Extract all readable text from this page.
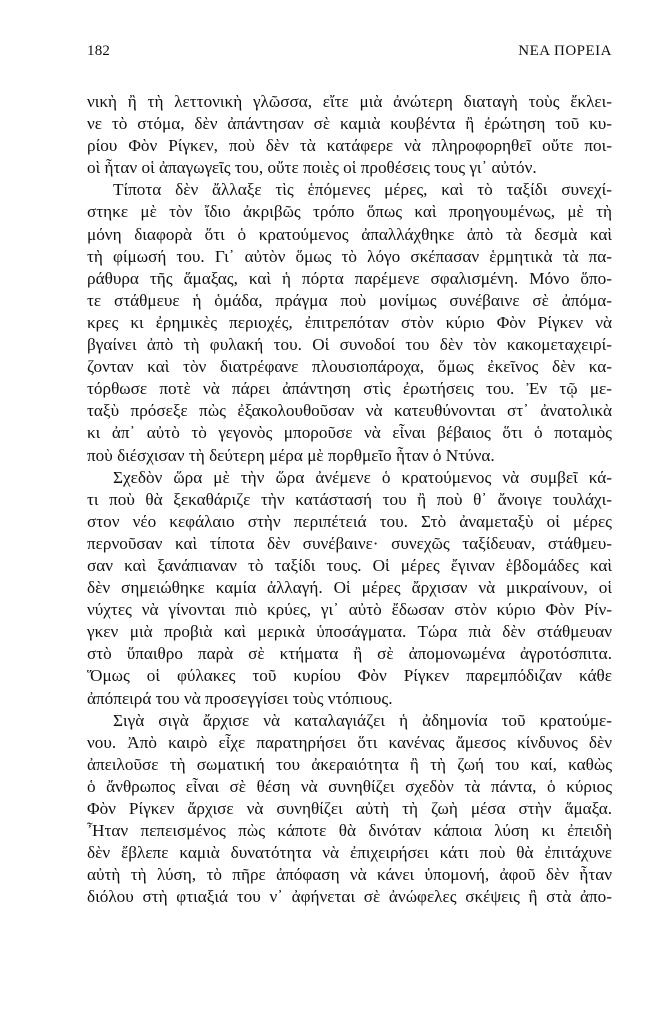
182	ΝΕΑ ΠΟΡΕΙΑ
νικὴ ἢ τὴ λεττονικὴ γλῶσσα, εἴτε μιὰ ἀνώτερη διαταγὴ τοὺς ἔκλει-
νε τὸ στόμα, δὲν ἀπάντησαν σὲ καμιὰ κουβέντα ἢ ἐρώτηση τοῦ κυ-
ρίου Φὸν Ρίγκεν, ποὺ δὲν τὰ κατάφερε νὰ πληροφορηθεῖ οὔτε ποι-
οὶ ἦταν οἱ ἀπαγωγεῖς του, οὔτε ποιὲς οἱ προθέσεις τους γι᾿ αὐτόν.
Τίποτα δὲν ἄλλαξε τὶς ἑπόμενες μέρες, καὶ τὸ ταξίδι συνεχί-
στηκε μὲ τὸν ἴδιο ἀκριβῶς τρόπο ὅπως καὶ προηγουμένως, μὲ τὴ
μόνη διαφορὰ ὅτι ὁ κρατούμενος ἀπαλλάχθηκε ἀπὸ τὰ δεσμὰ καὶ
τὴ φίμωσή του. Γι᾿ αὐτὸν ὅμως τὸ λόγο σκέπασαν ἑρμητικὰ τὰ πα-
ράθυρα τῆς ἅμαξας, καὶ ἡ πόρτα παρέμενε σφαλισμένη. Μόνο ὅπο-
τε στάθμευε ἡ ὁμάδα, πράγμα ποὺ μονίμως συνέβαινε σὲ ἀπόμα-
κρες κι ἐρημικὲς περιοχές, ἐπιτρεπόταν στὸν κύριο Φὸν Ρίγκεν νὰ
βγαίνει ἀπὸ τὴ φυλακή του. Οἱ συνοδοί του δὲν τὸν κακομεταχειρί-
ζονταν καὶ τὸν διατρέφανε πλουσιοπάροχα, ὅμως ἐκεῖνος δὲν κα-
τόρθωσε ποτὲ νὰ πάρει ἀπάντηση στὶς ἐρωτήσεις του. Ἐν τῷ με-
ταξὺ πρόσεξε πὼς ἐξακολουθοῦσαν νὰ κατευθύνονται στ᾿ ἀνατολικὰ
κι ἀπ᾿ αὐτὸ τὸ γεγονὸς μποροῦσε νὰ εἶναι βέβαιος ὅτι ὁ ποταμὸς
ποὺ διέσχισαν τὴ δεύτερη μέρα μὲ πορθμεῖο ἦταν ὁ Ντύνα.
Σχεδὸν ὥρα μὲ τὴν ὥρα ἀνέμενε ὁ κρατούμενος νὰ συμβεῖ κά-
τι ποὺ θὰ ξεκαθάριζε τὴν κατάστασή του ἢ ποὺ θ᾿ ἄνοιγε τουλάχι-
στον νέο κεφάλαιο στὴν περιπέτειά του. Στὸ ἀναμεταξὺ οἱ μέρες
περνοῦσαν καὶ τίποτα δὲν συνέβαινε· συνεχῶς ταξίδευαν, στάθμευ-
σαν καὶ ξανάπιαναν τὸ ταξίδι τους. Οἱ μέρες ἔγιναν ἑβδομάδες καὶ
δὲν σημειώθηκε καμία ἀλλαγή. Οἱ μέρες ἄρχισαν νὰ μικραίνουν, οἱ
νύχτες νὰ γίνονται πιὸ κρύες, γι᾿ αὐτὸ ἔδωσαν στὸν κύριο Φὸν Ρίν-
γκεν μιὰ προβιὰ καὶ μερικὰ ὑποσάγματα. Τώρα πιὰ δὲν στάθμευαν
στὸ ὕπαιθρο παρὰ σὲ κτήματα ἢ σὲ ἀπομονωμένα ἀγροτόσπιτα.
Ὅμως οἱ φύλακες τοῦ κυρίου Φὸν Ρίγκεν παρεμπόδιζαν κάθε
ἀπόπειρά του νὰ προσεγγίσει τοὺς ντόπιους.
Σιγὰ σιγὰ ἄρχισε νὰ καταλαγιάζει ἡ ἀδημονία τοῦ κρατούμε-
νου. Ἀπὸ καιρὸ εἶχε παρατηρήσει ὅτι κανένας ἄμεσος κίνδυνος δὲν
ἀπειλοῦσε τὴ σωματική του ἀκεραιότητα ἢ τὴ ζωή του καί, καθὼς
ὁ ἄνθρωπος εἶναι σὲ θέση νὰ συνηθίζει σχεδὸν τὰ πάντα, ὁ κύριος
Φὸν Ρίγκεν ἄρχισε νὰ συνηθίζει αὐτὴ τὴ ζωὴ μέσα στὴν ἅμαξα.
Ἦταν πεπεισμένος πὼς κάποτε θὰ δινόταν κάποια λύση κι ἐπειδὴ
δὲν ἔβλεπε καμιὰ δυνατότητα νὰ ἐπιχειρήσει κάτι ποὺ θὰ ἐπιτάχυνε
αὐτὴ τὴ λύση, τὸ πῆρε ἀπόφαση νὰ κάνει ὑπομονή, ἀφοῦ δὲν ἦταν
διόλου στὴ φτιαξιά του ν᾿ ἀφήνεται σὲ ἀνώφελες σκέψεις ἢ στὰ ἀπο-
